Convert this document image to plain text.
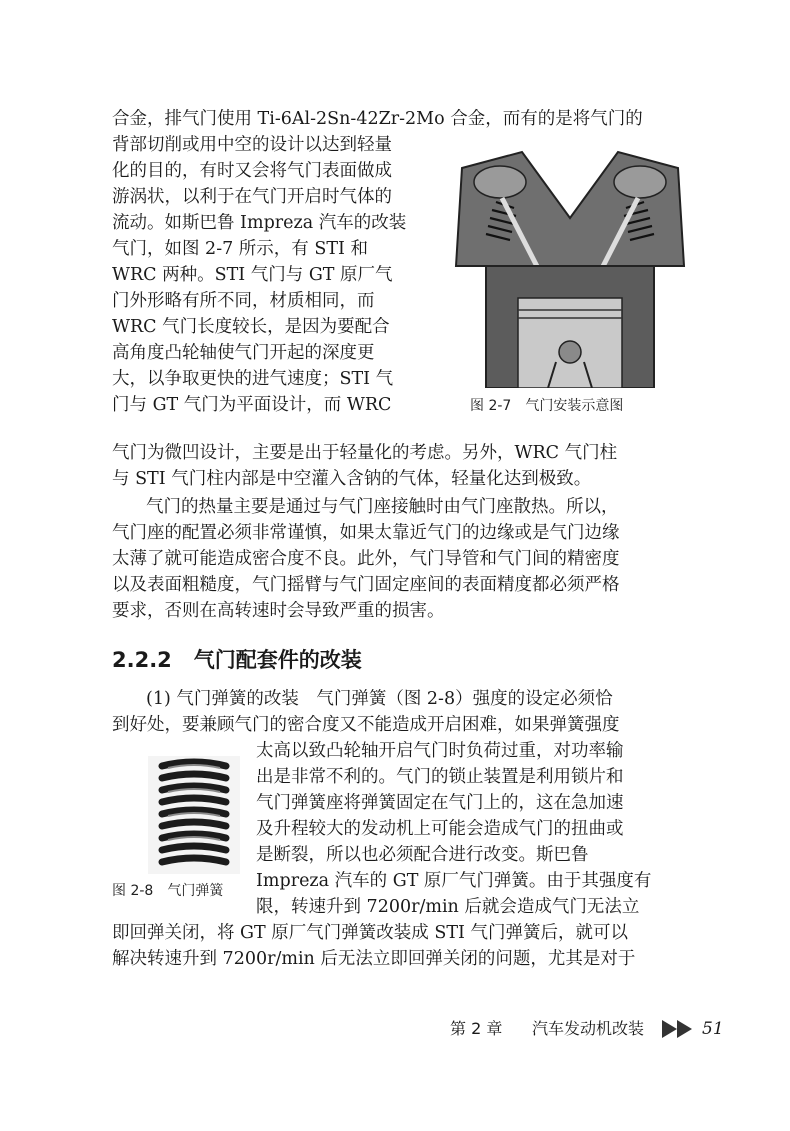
合金，排气门使用 Ti-6Al-2Sn-42Zr-2Mo 合金，而有的是将气门的
背部切削或用中空的设计以达到轻量
化的目的，有时又会将气门表面做成
游涡状，以利于在气门开启时气体的
流动。如斯巴鲁 Impreza 汽车的改装
气门，如图 2-7 所示，有 STI 和
WRC 两种。STI 气门与 GT 原厂气
门外形略有所不同，材质相同，而
WRC 气门长度较长，是因为要配合
高角度凸轮轴使气门开起的深度更
大，以争取更快的进气速度；STI 气
门与 GT 气门为平面设计，而 WRC
气门为微凹设计，主要是出于轻量化的考虑。另外，WRC 气门柱
与 STI 气门柱内部是中空灌入含钠的气体，轻量化达到极致。
图 2-7　气门安装示意图
气门的热量主要是通过与气门座接触时由气门座散热。所以，
气门座的配置必须非常谨慎，如果太靠近气门的边缘或是气门边缘
太薄了就可能造成密合度不良。此外，气门导管和气门间的精密度
以及表面粗糙度，气门摇臂与气门固定座间的表面精度都必须严格
要求，否则在高转速时会导致严重的损害。
2.2.2 气门配套件的改装
(1) 气门弹簧的改装　气门弹簧（图 2-8）强度的设定必须恰
到好处，要兼顾气门的密合度又不能造成开启困难，如果弹簧强度
太高以致凸轮轴开启气门时负荷过重，对功率输
出是非常不利的。气门的锁止装置是利用锁片和
气门弹簧座将弹簧固定在气门上的，这在急加速
及升程较大的发动机上可能会造成气门的扭曲或
是断裂，所以也必须配合进行改变。斯巴鲁
Impreza 汽车的 GT 原厂气门弹簧。由于其强度有
限，转速升到 7200r/min 后就会造成气门无法立
即回弹关闭，将 GT 原厂气门弹簧改装成 STI 气门弹簧后，就可以
解决转速升到 7200r/min 后无法立即回弹关闭的问题，尤其是对于
图 2-8　气门弹簧
第 2 章 汽车发动机改装	51
